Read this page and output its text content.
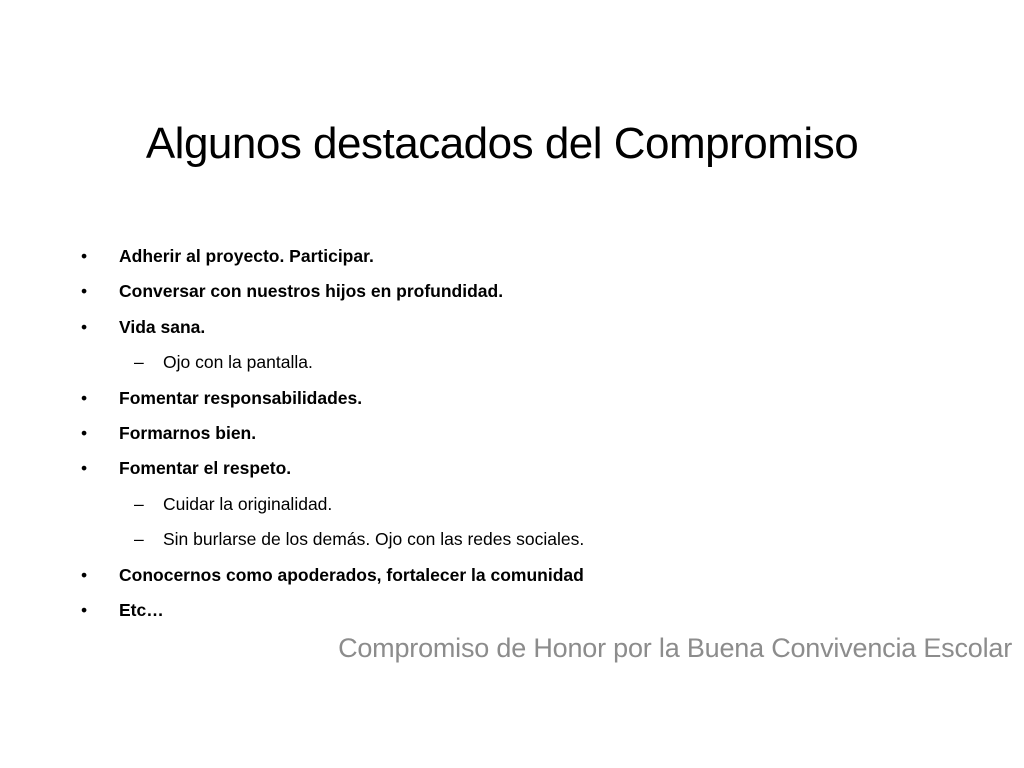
Algunos destacados del Compromiso
• Adherir al proyecto. Participar.
• Conversar con nuestros hijos en profundidad.
• Vida sana.
– Ojo con la pantalla.
• Fomentar responsabilidades.
• Formarnos bien.
• Fomentar el respeto.
– Cuidar la originalidad.
– Sin burlarse de los demás. Ojo con las redes sociales.
• Conocernos como apoderados, fortalecer la comunidad
• Etc…
Compromiso de Honor por la Buena Convivencia Escolar
